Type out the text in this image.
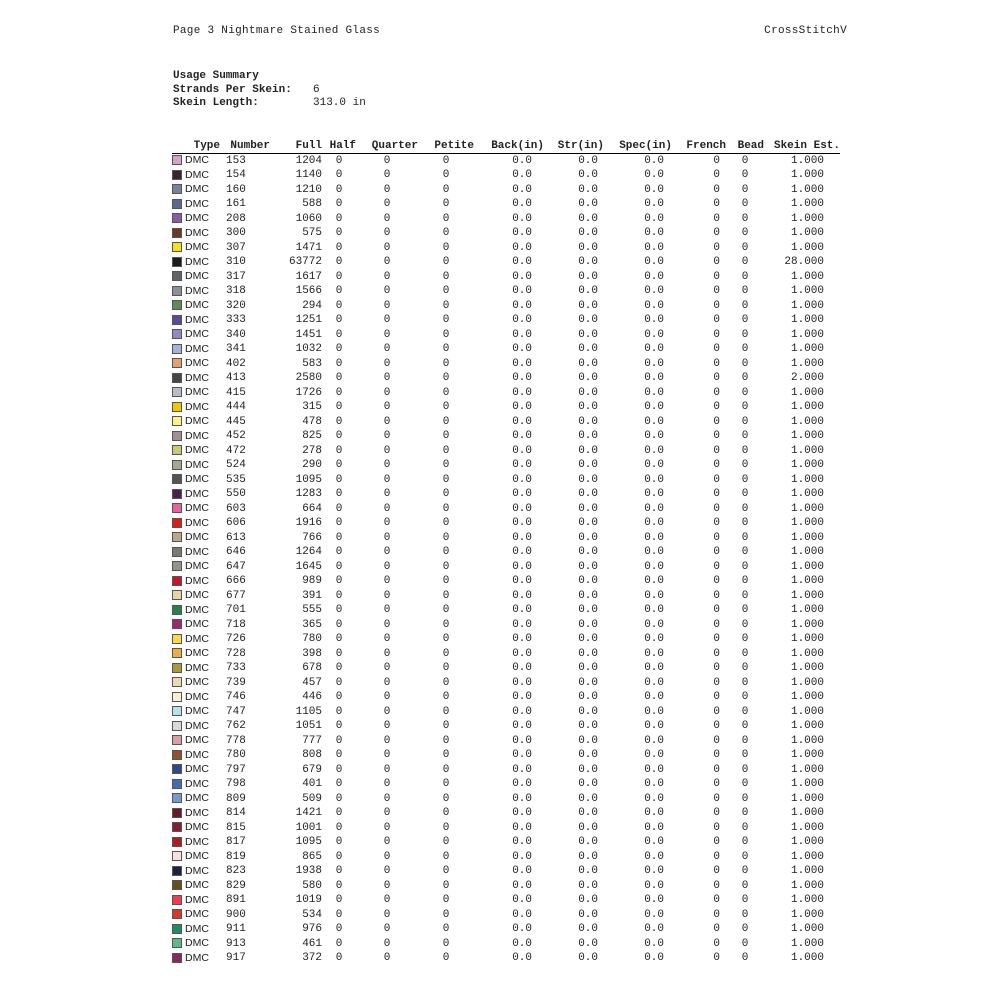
Page 3 Nightmare Stained Glass	CrossStitchV
Usage Summary
Strands Per Skein: 6
Skein Length:	313.0 in
Type	Number	Full	Half	Quarter	Petite	Back(in)	Str(in)	Spec(in)	French	Bead	Skein Est.
DMC	153	1204	0	0	0	0.0	0.0	0.0	0	0	1.000
DMC	154	1140	0	0	0	0.0	0.0	0.0	0	0	1.000
DMC	160	1210	0	0	0	0.0	0.0	0.0	0	0	1.000
DMC	161	588	0	0	0	0.0	0.0	0.0	0	0	1.000
DMC	208	1060	0	0	0	0.0	0.0	0.0	0	0	1.000
DMC	300	575	0	0	0	0.0	0.0	0.0	0	0	1.000
DMC	307	1471	0	0	0	0.0	0.0	0.0	0	0	1.000
DMC	310	63772	0	0	0	0.0	0.0	0.0	0	0	28.000
DMC	317	1617	0	0	0	0.0	0.0	0.0	0	0	1.000
DMC	318	1566	0	0	0	0.0	0.0	0.0	0	0	1.000
DMC	320	294	0	0	0	0.0	0.0	0.0	0	0	1.000
DMC	333	1251	0	0	0	0.0	0.0	0.0	0	0	1.000
DMC	340	1451	0	0	0	0.0	0.0	0.0	0	0	1.000
DMC	341	1032	0	0	0	0.0	0.0	0.0	0	0	1.000
DMC	402	583	0	0	0	0.0	0.0	0.0	0	0	1.000
DMC	413	2580	0	0	0	0.0	0.0	0.0	0	0	2.000
DMC	415	1726	0	0	0	0.0	0.0	0.0	0	0	1.000
DMC	444	315	0	0	0	0.0	0.0	0.0	0	0	1.000
DMC	445	478	0	0	0	0.0	0.0	0.0	0	0	1.000
DMC	452	825	0	0	0	0.0	0.0	0.0	0	0	1.000
DMC	472	278	0	0	0	0.0	0.0	0.0	0	0	1.000
DMC	524	290	0	0	0	0.0	0.0	0.0	0	0	1.000
DMC	535	1095	0	0	0	0.0	0.0	0.0	0	0	1.000
DMC	550	1283	0	0	0	0.0	0.0	0.0	0	0	1.000
DMC	603	664	0	0	0	0.0	0.0	0.0	0	0	1.000
DMC	606	1916	0	0	0	0.0	0.0	0.0	0	0	1.000
DMC	613	766	0	0	0	0.0	0.0	0.0	0	0	1.000
DMC	646	1264	0	0	0	0.0	0.0	0.0	0	0	1.000
DMC	647	1645	0	0	0	0.0	0.0	0.0	0	0	1.000
DMC	666	989	0	0	0	0.0	0.0	0.0	0	0	1.000
DMC	677	391	0	0	0	0.0	0.0	0.0	0	0	1.000
DMC	701	555	0	0	0	0.0	0.0	0.0	0	0	1.000
DMC	718	365	0	0	0	0.0	0.0	0.0	0	0	1.000
DMC	726	780	0	0	0	0.0	0.0	0.0	0	0	1.000
DMC	728	398	0	0	0	0.0	0.0	0.0	0	0	1.000
DMC	733	678	0	0	0	0.0	0.0	0.0	0	0	1.000
DMC	739	457	0	0	0	0.0	0.0	0.0	0	0	1.000
DMC	746	446	0	0	0	0.0	0.0	0.0	0	0	1.000
DMC	747	1105	0	0	0	0.0	0.0	0.0	0	0	1.000
DMC	762	1051	0	0	0	0.0	0.0	0.0	0	0	1.000
DMC	778	777	0	0	0	0.0	0.0	0.0	0	0	1.000
DMC	780	808	0	0	0	0.0	0.0	0.0	0	0	1.000
DMC	797	679	0	0	0	0.0	0.0	0.0	0	0	1.000
DMC	798	401	0	0	0	0.0	0.0	0.0	0	0	1.000
DMC	809	509	0	0	0	0.0	0.0	0.0	0	0	1.000
DMC	814	1421	0	0	0	0.0	0.0	0.0	0	0	1.000
DMC	815	1001	0	0	0	0.0	0.0	0.0	0	0	1.000
DMC	817	1095	0	0	0	0.0	0.0	0.0	0	0	1.000
DMC	819	865	0	0	0	0.0	0.0	0.0	0	0	1.000
DMC	823	1938	0	0	0	0.0	0.0	0.0	0	0	1.000
DMC	829	580	0	0	0	0.0	0.0	0.0	0	0	1.000
DMC	891	1019	0	0	0	0.0	0.0	0.0	0	0	1.000
DMC	900	534	0	0	0	0.0	0.0	0.0	0	0	1.000
DMC	911	976	0	0	0	0.0	0.0	0.0	0	0	1.000
DMC	913	461	0	0	0	0.0	0.0	0.0	0	0	1.000
DMC	917	372	0	0	0	0.0	0.0	0.0	0	0	1.000
